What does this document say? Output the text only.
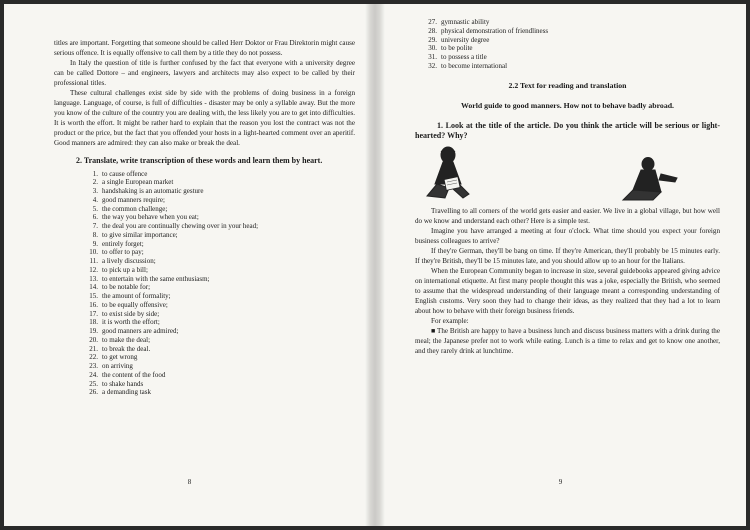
titles are important. Forgetting that someone should be called Herr Doktor or Frau Direktorin might cause serious offence. It is equally offensive to call them by a title they do not possess.

In Italy the question of title is further confused by the fact that everyone with a university degree can be called Dottore – and engineers, lawyers and architects may also expect to be called by their professional titles.

These cultural challenges exist side by side with the problems of doing business in a foreign language. Language, of course, is full of difficulties - disaster may be only a syllable away. But the more you know of the culture of the country you are dealing with, the less likely you are to get into difficulties. It is worth the effort. It might be rather hard to explain that the reason you lost the contract was not the product or the price, but the fact that you offended your hosts in a light-hearted comment over an aperitif. Good manners are admired: they can also make or break the deal.

2. Translate, write transcription of these words and learn them by heart.

1. to cause offence
2. a single European market
3. handshaking is an automatic gesture
4. good manners require;
5. the common challenge;
6. the way you behave when you eat;
7. the deal you are continually chewing over in your head;
8. to give similar importance;
9. entirely forget;
10. to offer to pay;
11. a lively discussion;
12. to pick up a bill;
13. to entertain with the same enthusiasm;
14. to be notable for;
15. the amount of formality;
16. to be equally offensive;
17. to exist side by side;
18. it is worth the effort;
19. good manners are admired;
20. to make the deal;
21. to break the deal.
22. to get wrong
23. on arriving
24. the content of the food
25. to shake hands
26. a demanding task
8
27. gymnastic ability
28. physical demonstration of friendliness
29. university degree
30. to be polite
31. to possess a title
32. to become international

2.2 Text for reading and translation

World guide to good manners. How not to behave badly abroad.

1. Look at the title of the article. Do you think the article will be serious or light-hearted? Why?

Travelling to all corners of the world gets easier and easier. We live in a global village, but how well do we know and understand each other? Here is a simple test.

Imagine you have arranged a meeting at four o'clock. What time should you expect your foreign business colleagues to arrive?

If they're German, they'll be bang on time. If they're American, they'll probably be 15 minutes early. If they're British, they'll be 15 minutes late, and you should allow up to an hour for the Italians.

When the European Community began to increase in size, several guidebooks appeared giving advice on international etiquette. At first many people thought this was a joke, especially the British, who seemed to assume that the widespread understanding of their language meant a corresponding understanding of English customs. Very soon they had to change their ideas, as they realized that they had a lot to learn about how to behave with their foreign business friends.

For example:

■ The British are happy to have a business lunch and discuss business matters with a drink during the meal; the Japanese prefer not to work while eating. Lunch is a time to relax and get to know one another, and they rarely drink at lunchtime.

9
